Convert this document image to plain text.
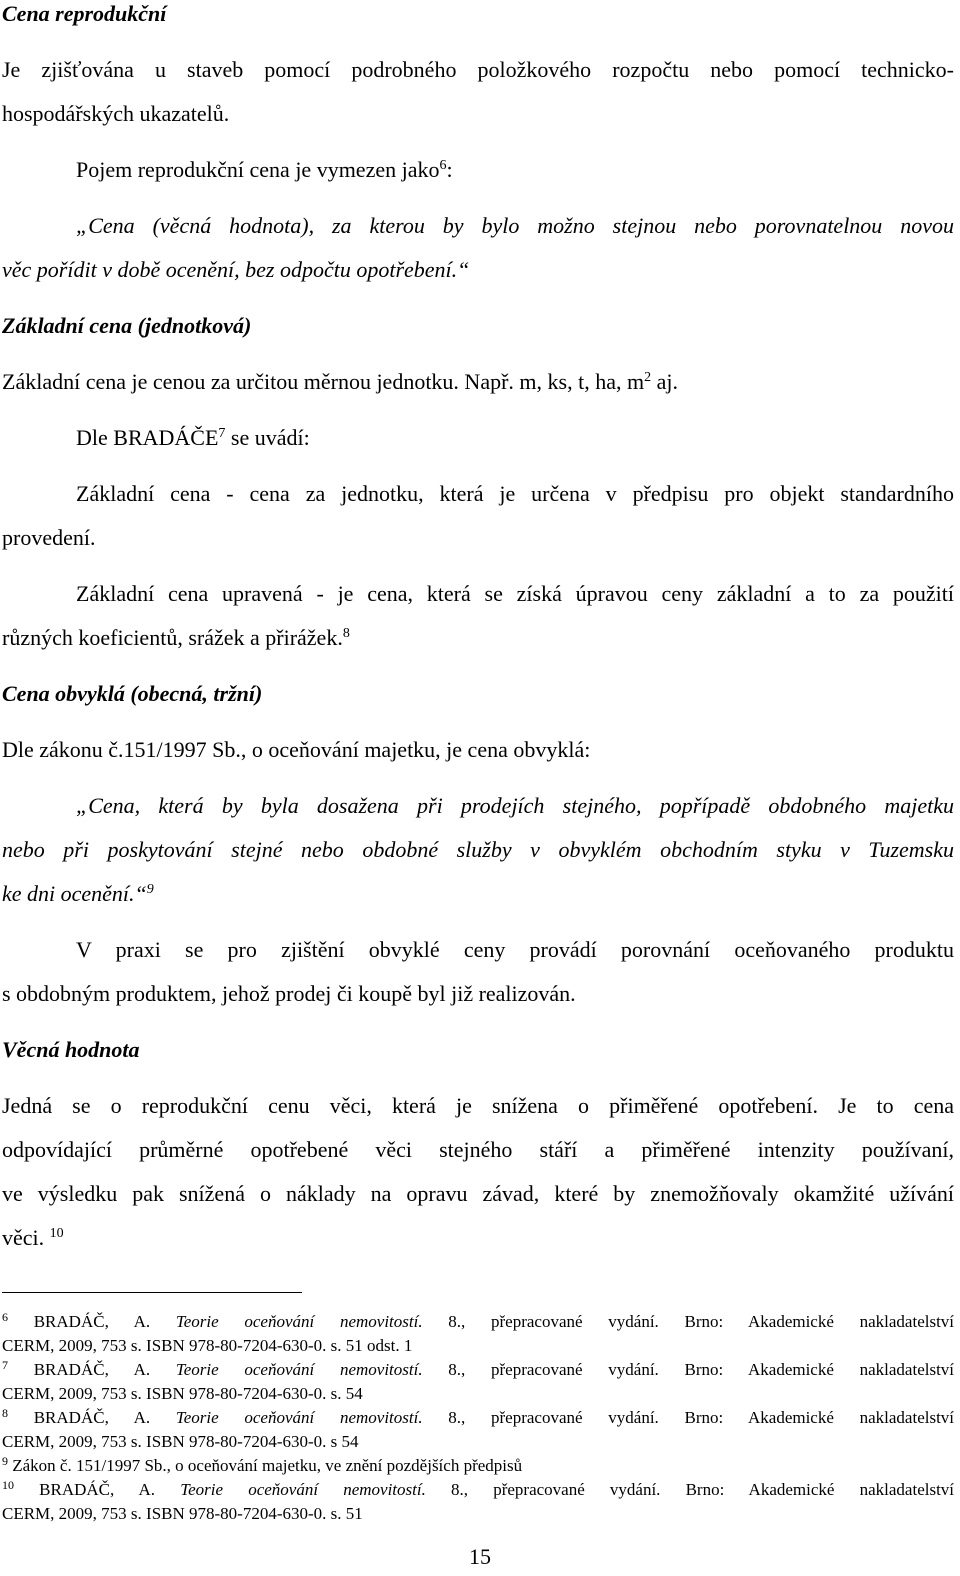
Cena reprodukční
Je zjišťována u staveb pomocí podrobného položkového rozpočtu nebo pomocí technicko-
hospodářských ukazatelů.
Pojem reprodukční cena je vymezen jako$^6$:
„Cena (věcná hodnota), za kterou by bylo možno stejnou nebo porovnatelnou novou
věc pořídit v době ocenění, bez odpočtu opotřebení.“
Základní cena (jednotková)
Základní cena je cenou za určitou měrnou jednotku. Např. m, ks, t, ha, $m^2$ aj.
Dle BRADÁČE$^7$ se uvádí:
Základní cena - cena za jednotku, která je určena v předpisu pro objekt standardního
provedení.
Základní cena upravená - je cena, která se získá úpravou ceny základní a to za použití
různých koeficientů, srážek a přirážek.$^8$
Cena obvyklá (obecná, tržní)
Dle zákonu č.151/1997 Sb., o oceňování majetku, je cena obvyklá:
„Cena, která by byla dosažena při prodejích stejného, popřípadě obdobného majetku
nebo při poskytování stejné nebo obdobné služby v obvyklém obchodním styku v Tuzemsku
ke dni ocenění.“$^9$
V praxi se pro zjištění obvyklé ceny provádí porovnání oceňovaného produktu
s obdobným produktem, jehož prodej či koupě byl již realizován.
Věcná hodnota
Jedná se o reprodukční cenu věci, která je snížena o přiměřené opotřebení. Je to cena
odpovídající průměrné opotřebené věci stejného stáří a přiměřené intenzity používaní,
ve výsledku pak snížená o náklady na opravu závad, které by znemožňovaly okamžité užívání
věci. $^{10}$
$^6$ BRADÁČ, A. Teorie oceňování nemovitostí. 8., přepracované vydání. Brno: Akademické nakladatelství
CERM, 2009, 753 s. ISBN 978-80-7204-630-0. s. 51 odst. 1
$^7$ BRADÁČ, A. Teorie oceňování nemovitostí. 8., přepracované vydání. Brno: Akademické nakladatelství
CERM, 2009, 753 s. ISBN 978-80-7204-630-0. s. 54
$^8$ BRADÁČ, A. Teorie oceňování nemovitostí. 8., přepracované vydání. Brno: Akademické nakladatelství
CERM, 2009, 753 s. ISBN 978-80-7204-630-0. s 54
$^9$ Zákon č. 151/1997 Sb., o oceňování majetku, ve znění pozdějších předpisů
$^{10}$ BRADÁČ, A. Teorie oceňování nemovitostí. 8., přepracované vydání. Brno: Akademické nakladatelství
CERM, 2009, 753 s. ISBN 978-80-7204-630-0. s. 51
15
